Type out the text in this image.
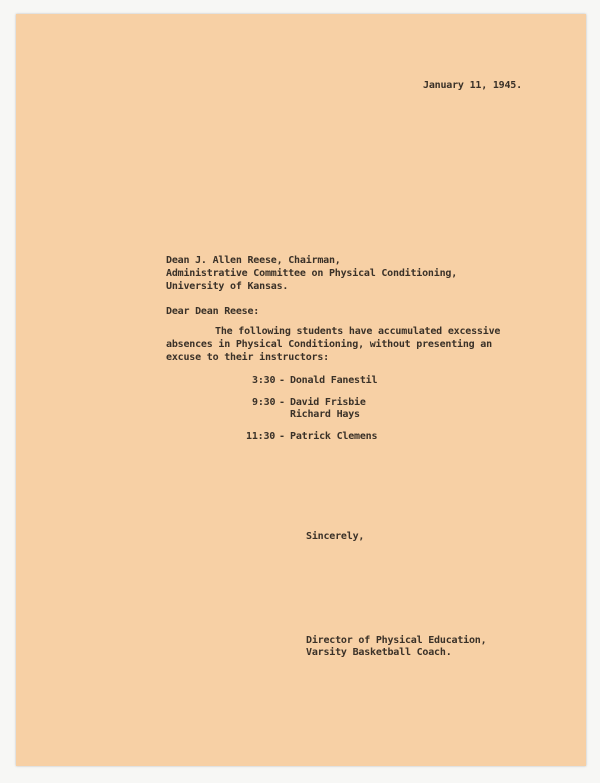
January 11, 1945.
Dean J. Allen Reese, Chairman,
Administrative Committee on Physical Conditioning,
University of Kansas.
Dear Dean Reese:
The following students have accumulated excessive
absences in Physical Conditioning, without presenting an
excuse to their instructors:
3:30 - Donald Fanestil
9:30 - David Frisbie
Richard Hays
11:30 - Patrick Clemens
Sincerely,
Director of Physical Education,
Varsity Basketball Coach.
